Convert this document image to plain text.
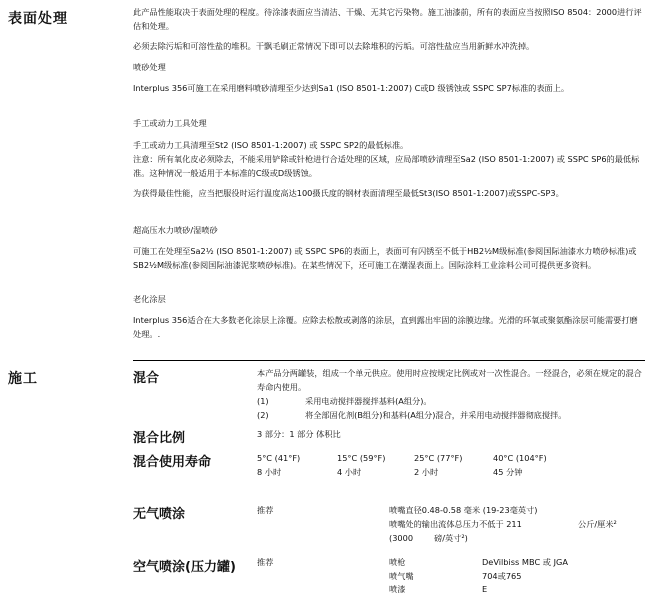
表面处理	此产品性能取决于表面处理的程度。待涂漆表面应当清洁、干燥、无其它污染物。施工油漆前，所有的表面应当按照ISO 8504：2000进行评估和处理。
必须去除污垢和可溶性盐的堆积。干飘毛刷正常情况下即可以去除堆积的污垢。可溶性盐应当用新鲜水冲洗掉。
喷砂处理
Interplus 356可施工在采用磨料喷砂清理至少达到Sa1 (ISO 8501-1:2007) C或D 级锈蚀或 SSPC SP7标准的表面上。
手工或动力工具处理
手工或动力工具清理至St2 (ISO 8501-1:2007) 或 SSPC SP2的最低标准。
注意：所有氧化皮必须除去，不能采用铲除或针枪进行合适处理的区域，应局部喷砂清理至Sa2 (ISO 8501-1:2007) 或 SSPC SP6的最低标准。这种情况一般适用于本标准的C级或D级锈蚀。
为获得最佳性能，应当把服役时运行温度高达100摄氏度的钢材表面清理至最低St3(ISO 8501-1:2007)或SSPC-SP3。
超高压水力喷砂/湿喷砂
可施工在处理至Sa2½ (ISO 8501-1:2007) 或 SSPC SP6的表面上，表面可有闪锈至不低于HB2½M级标准(参阅国际油漆水力喷砂标准)或 SB2½M级标准(参阅国际油漆泥浆喷砂标准)。在某些情况下，还可施工在潮湿表面上。国际涂料工业涂料公司可提供更多资料。
老化涂层
Interplus 356适合在大多数老化涂层上涂覆。应除去松散或剥落的涂层，直到露出牢固的涂膜边缘。光滑的环氧或聚氨酯涂层可能需要打磨处理。.
施工	混合	本产品分两罐装，组成一个单元供应。使用时应按规定比例或对一次性混合。一经混合，必须在规定的混合寿命内使用。
(1)	采用电动搅拌器搅拌基料(A组分)。
(2)	将全部固化剂(B组分)和基料(A组分)混合，并采用电动搅拌器彻底搅拌。
混合比例	3 部分：1 部分 体积比
混合使用寿命	5°C (41°F)	15°C (59°F)	25°C (77°F)	40°C (104°F)
8 小时	4 小时	2 小时	45 分钟
无气喷涂	推荐	喷嘴直径0.48-0.58 毫米 (19-23毫英寸)
喷嘴处的输出流体总压力不低于 211	公斤/厘米²
(3000	磅/英寸²)
空气喷涂(压力罐)	推荐	喷枪	DeVilbiss MBC 或 JGA
喷气嘴	704或765
喷漆	E
